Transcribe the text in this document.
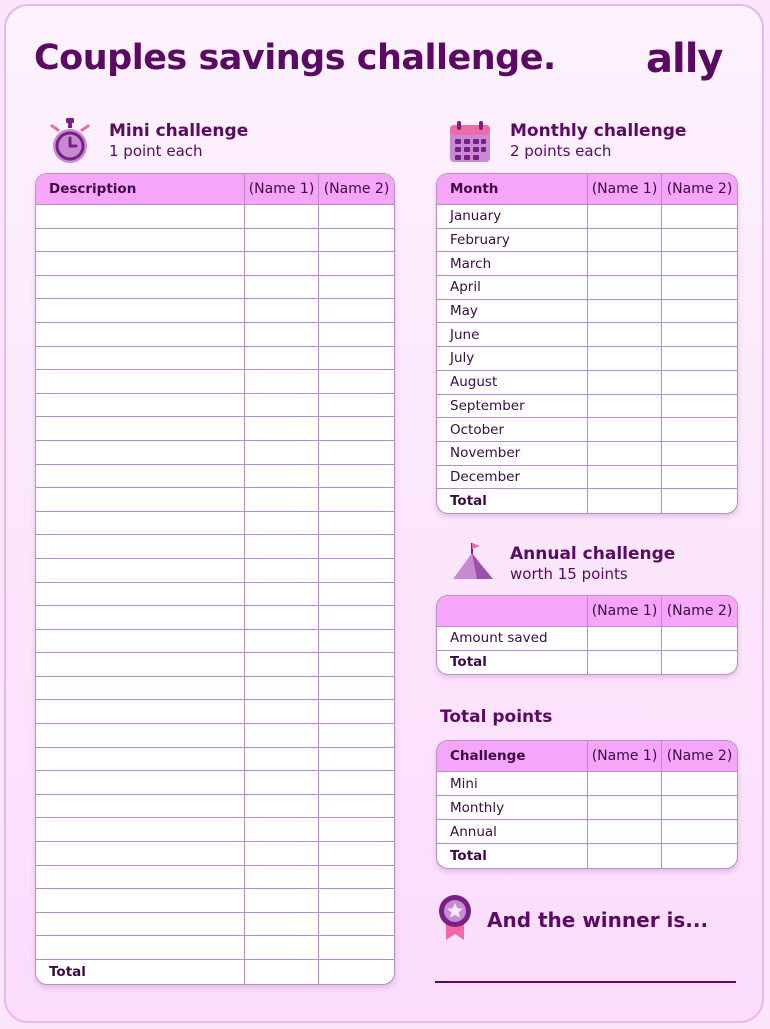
Couples savings challenge. ally
Mini challenge
1 point each
Description	(Name 1)	(Name 2)

Total		
Monthly challenge
2 points each
Month	(Name 1)	(Name 2)
January		
February		
March		
April		
May		
June		
July		
August		
September		
October		
November		
December		
Total		
Annual challenge
worth 15 points
	(Name 1)	(Name 2)
Amount saved		
Total		
Total points
Challenge	(Name 1)	(Name 2)
Mini		
Monthly		
Annual		
Total		
And the winner is...
